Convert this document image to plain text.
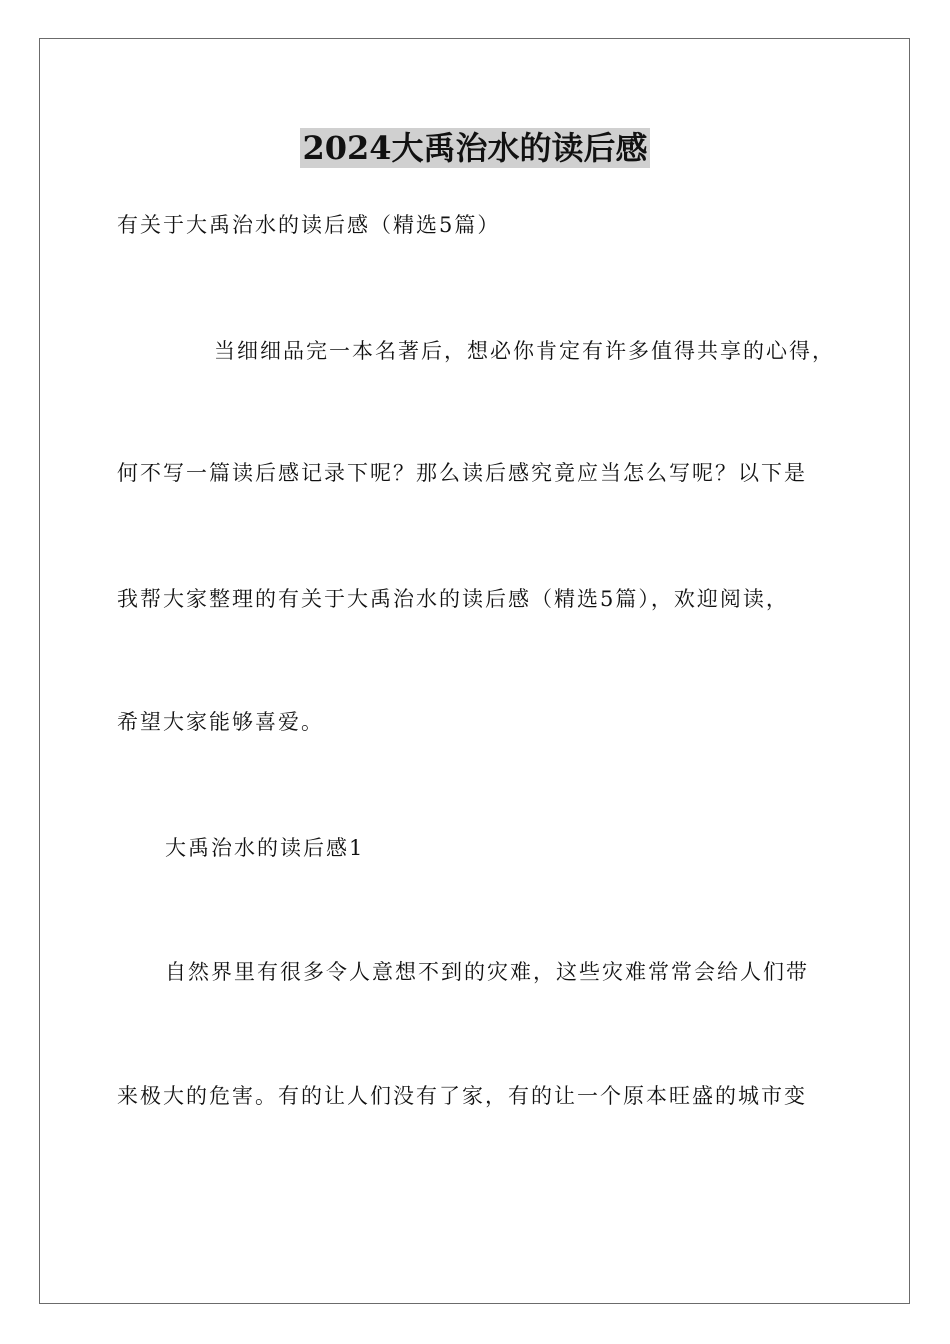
2024大禹治水的读后感
有关于大禹治水的读后感（精选5篇）
当细细品完一本名著后，想必你肯定有许多值得共享的心得，
何不写一篇读后感记录下呢？那么读后感究竟应当怎么写呢？以下是
我帮大家整理的有关于大禹治水的读后感（精选5篇），欢迎阅读，
希望大家能够喜爱。
大禹治水的读后感1
自然界里有很多令人意想不到的灾难，这些灾难常常会给人们带
来极大的危害。有的让人们没有了家，有的让一个原本旺盛的城市变
